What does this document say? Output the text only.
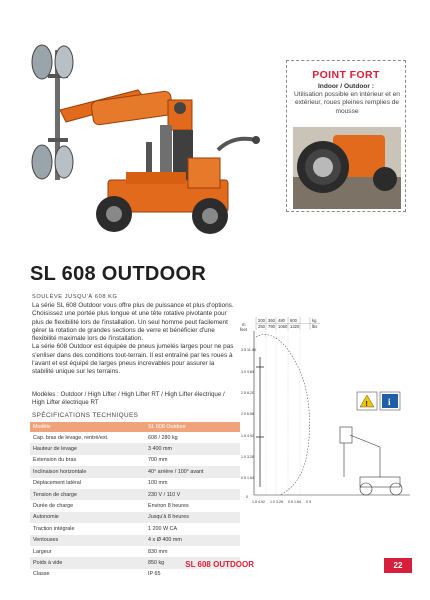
POINT FORT
Indoor / Outdoor :
Utilisation possible en intérieur et en extérieur, roues pleines remplies de mousse
SL 608 OUTDOOR
SOULÈVE JUSQU'À 608 KG

La série SL 608 Outdoor vous offre plus de puissance et plus d'options. Choisissez une portée plus longue et une tête rotative pivotante pour plus de flexibilité lors de l'installation. Un seul homme peut facilement gérer la rotation de grandes sections de verre et bénéficier d'une flexibilité maximale lors de l'installation.

La série 608 Outdoor est équipée de pneus jumelés larges pour ne pas s'enliser dans des conditions tout-terrain. Il est entraîné par les roues à l'avant et est équipé de larges pneus increvables pour assurer la stabilité unique sur les terrains.

Modèles : Outdoor / High Lifter / High Lifter RT / High Lifter électrique / High Lifter électrique RT
SPÉCIFICATIONS TECHNIQUES
Modèle	SL 608 Outdoor
Cap. bras de levage, rentré/ext.	608 / 280 kg
Hauteur de levage	3 400 mm
Extension du bras	700 mm
Inclinaison horizontale	40° arrière / 100° avant
Déplacement latéral	100 mm
Tension de charge	230 V / 110 V
Durée de charge	Environ 8 heures
Autonomie	Jusqu'à 8 heures
Traction intégrale	1 200 W CA
Ventouses	4 x Ø 400 mm
Largeur	830 mm
Poids à vide	850 kg
Classe	IP 65
200 360 480 600	kg
250 790 1060 1320	lbs
m feet
3.5 11.48
3.0 9.84
2.5 8.20
2.0 6.56
1.5 4.92
1.0 3.28
0.5 1.64
0
1.5 4.92 1.0 3.28 0.5 1.64 0 0
! i
SL 608 OUTDOOR	22
